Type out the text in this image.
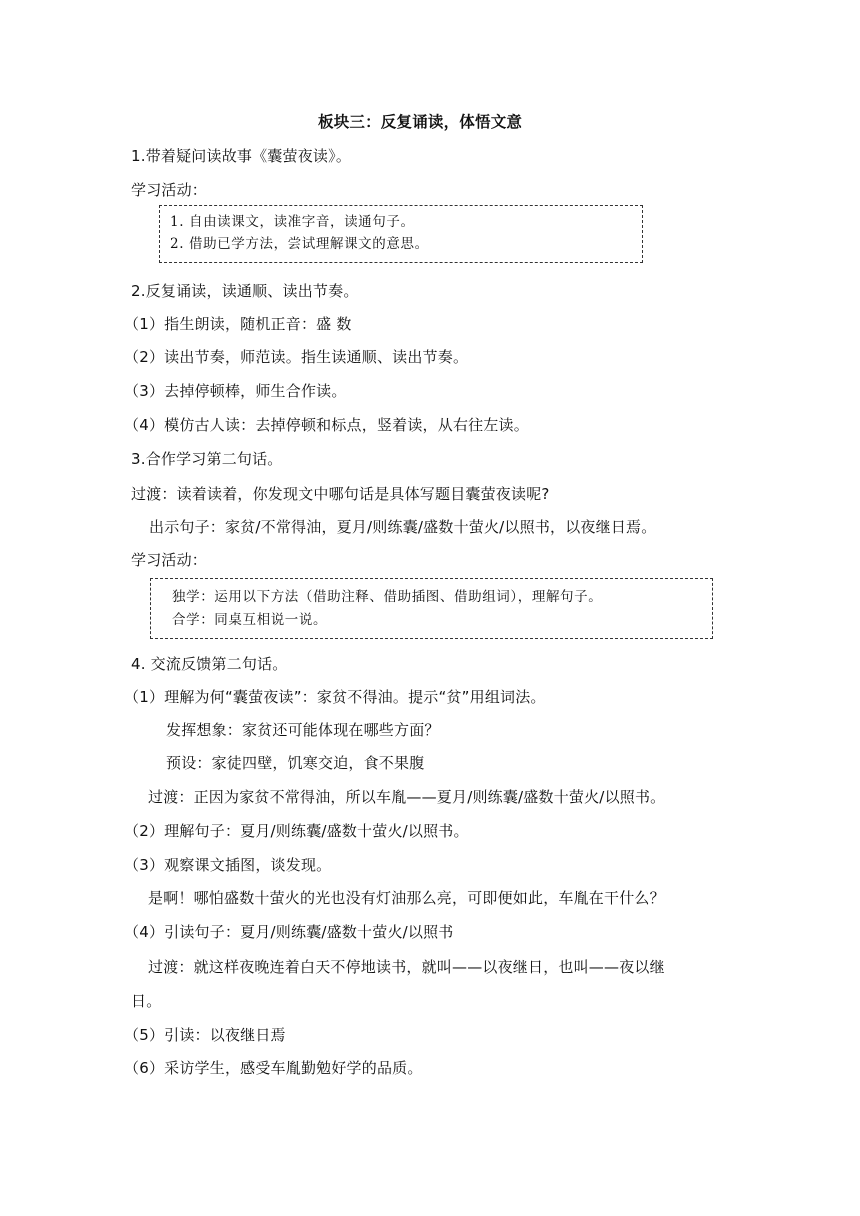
板块三：反复诵读，体悟文意
1.带着疑问读故事《囊萤夜读》。
学习活动：
1. 自由读课文，读准字音，读通句子。
2. 借助已学方法，尝试理解课文的意思。
2.反复诵读，读通顺、读出节奏。
（1）指生朗读，随机正音：盛 数
（2）读出节奏，师范读。指生读通顺、读出节奏。
（3）去掉停顿棒，师生合作读。
（4）模仿古人读：去掉停顿和标点，竖着读，从右往左读。
3.合作学习第二句话。
过渡：读着读着，你发现文中哪句话是具体写题目囊萤夜读呢?
出示句子：家贫/不常得油，夏月/则练囊/盛数十萤火/以照书，以夜继日焉。
学习活动：
独学：运用以下方法（借助注释、借助插图、借助组词），理解句子。
合学：同桌互相说一说。
4. 交流反馈第二句话。
（1）理解为何“囊萤夜读”：家贫不得油。提示“贫”用组词法。
发挥想象：家贫还可能体现在哪些方面？
预设：家徒四壁，饥寒交迫，食不果腹
过渡：正因为家贫不常得油，所以车胤——夏月/则练囊/盛数十萤火/以照书。
（2）理解句子：夏月/则练囊/盛数十萤火/以照书。
（3）观察课文插图，谈发现。
是啊！哪怕盛数十萤火的光也没有灯油那么亮，可即便如此，车胤在干什么？
（4）引读句子：夏月/则练囊/盛数十萤火/以照书
过渡：就这样夜晚连着白天不停地读书，就叫——以夜继日，也叫——夜以继
日。
（5）引读：以夜继日焉
（6）采访学生，感受车胤勤勉好学的品质。
